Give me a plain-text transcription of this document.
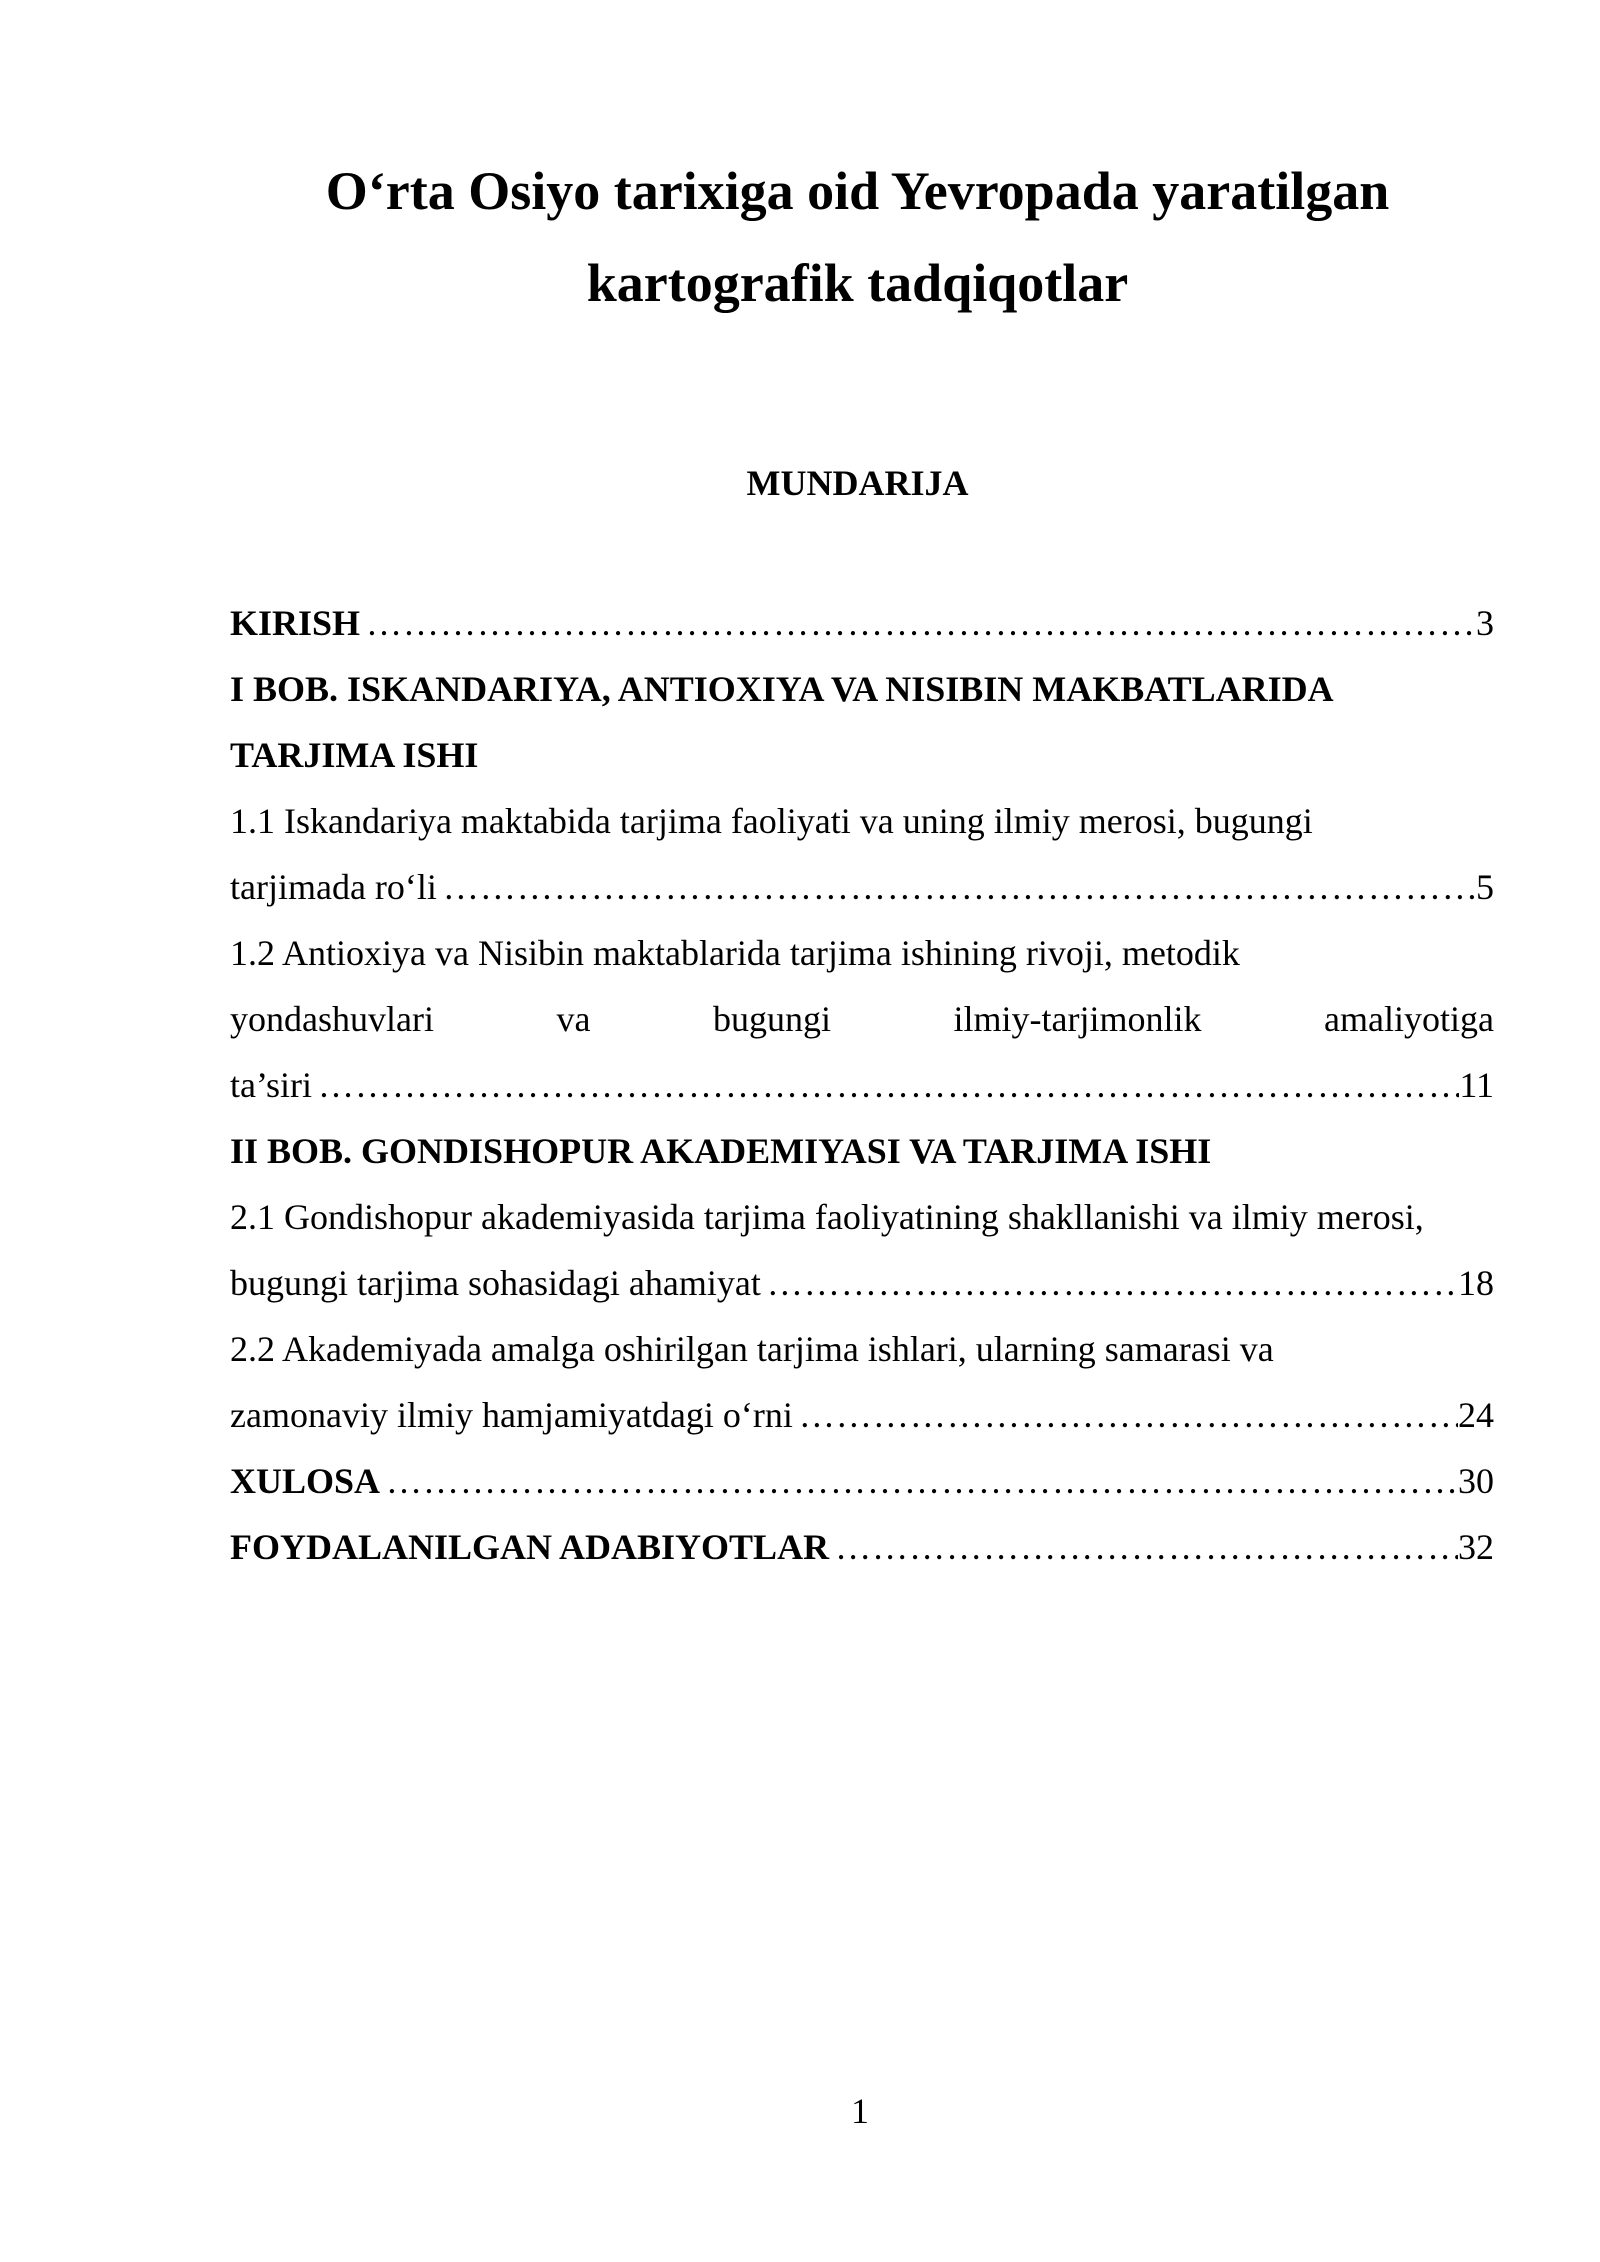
O‘rta Osiyo tarixiga oid Yevropada yaratilgan
kartografik tadqiqotlar
MUNDARIJA
KIRISH ……………………………………………………………………………………………………………………………………………………………………	3
I BOB. ISKANDARIYA, ANTIOXIYA VA NISIBIN MAKBATLARIDA
TARJIMA ISHI
1.1 Iskandariya maktabida tarjima faoliyati va uning ilmiy merosi, bugungi
tarjimada ro‘li ……………………………………………………………………………………………………………………………………………………………………	5
1.2 Antioxiya va Nisibin maktablarida tarjima ishining rivoji, metodik
yondashuvlari	va	bugungi	ilmiy-tarjimonlik	amaliyotiga
ta’siri ……………………………………………………………………………………………………………………………………………………………………	11
II BOB. GONDISHOPUR AKADEMIYASI VA TARJIMA ISHI
2.1 Gondishopur akademiyasida tarjima faoliyatining shakllanishi va ilmiy merosi,
bugungi tarjima sohasidagi ahamiyat ……………………………………………………………………………………………………………………………………………………………………	18
2.2 Akademiyada amalga oshirilgan tarjima ishlari, ularning samarasi va
zamonaviy ilmiy hamjamiyatdagi o‘rni ……………………………………………………………………………………………………………………………………………………………………	24
XULOSA ……………………………………………………………………………………………………………………………………………………………………	30
FOYDALANILGAN ADABIYOTLAR ……………………………………………………………………………………………………………………………………………………………………	32
1
